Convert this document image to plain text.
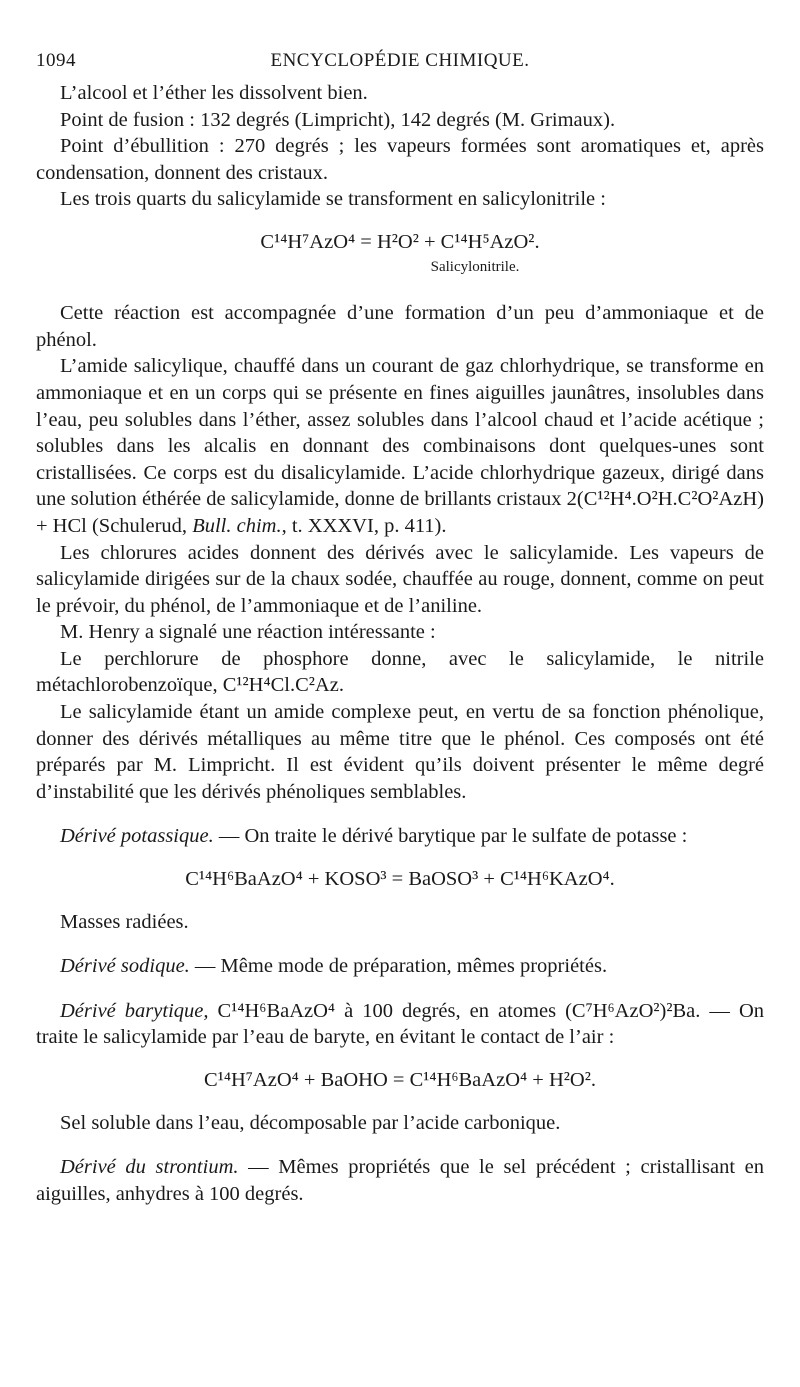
1094	ENCYCLOPÉDIE CHIMIQUE.

L’alcool et l’éther les dissolvent bien.

Point de fusion : 132 degrés (Limpricht), 142 degrés (M. Grimaux).

Point d’ébullition : 270 degrés ; les vapeurs formées sont aromatiques et, après condensation, donnent des cristaux.

Les trois quarts du salicylamide se transforment en salicylonitrile :

C¹⁴H⁷AzO⁴ = H²O² + C¹⁴H⁵AzO².

Salicylonitrile.

Cette réaction est accompagnée d’une formation d’un peu d’ammoniaque et de phénol.

L’amide salicylique, chauffé dans un courant de gaz chlorhydrique, se transforme en ammoniaque et en un corps qui se présente en fines aiguilles jaunâtres, insolubles dans l’eau, peu solubles dans l’éther, assez solubles dans l’alcool chaud et l’acide acétique ; solubles dans les alcalis en donnant des combinaisons dont quelques-unes sont cristallisées. Ce corps est du disalicylamide. L’acide chlorhydrique gazeux, dirigé dans une solution éthérée de salicylamide, donne de brillants cristaux 2(C¹²H⁴.O²H.C²O²AzH) + HCl (Schulerud, Bull. chim., t. XXXVI, p. 411).

Les chlorures acides donnent des dérivés avec le salicylamide. Les vapeurs de salicylamide dirigées sur de la chaux sodée, chauffée au rouge, donnent, comme on peut le prévoir, du phénol, de l’ammoniaque et de l’aniline.

M. Henry a signalé une réaction intéressante :

Le perchlorure de phosphore donne, avec le salicylamide, le nitrile métachlorobenzoïque, C¹²H⁴Cl.C²Az.

Le salicylamide étant un amide complexe peut, en vertu de sa fonction phénolique, donner des dérivés métalliques au même titre que le phénol. Ces composés ont été préparés par M. Limpricht. Il est évident qu’ils doivent présenter le même degré d’instabilité que les dérivés phénoliques semblables.

Dérivé potassique. — On traite le dérivé barytique par le sulfate de potasse :

C¹⁴H⁶BaAzO⁴ + KOSO³ = BaOSO³ + C¹⁴H⁶KAzO⁴.

Masses radiées.

Dérivé sodique. — Même mode de préparation, mêmes propriétés.

Dérivé barytique, C¹⁴H⁶BaAzO⁴ à 100 degrés, en atomes (C⁷H⁶AzO²)²Ba. — On traite le salicylamide par l’eau de baryte, en évitant le contact de l’air :

C¹⁴H⁷AzO⁴ + BaOHO = C¹⁴H⁶BaAzO⁴ + H²O².

Sel soluble dans l’eau, décomposable par l’acide carbonique.

Dérivé du strontium. — Mêmes propriétés que le sel précédent ; cristallisant en aiguilles, anhydres à 100 degrés.
